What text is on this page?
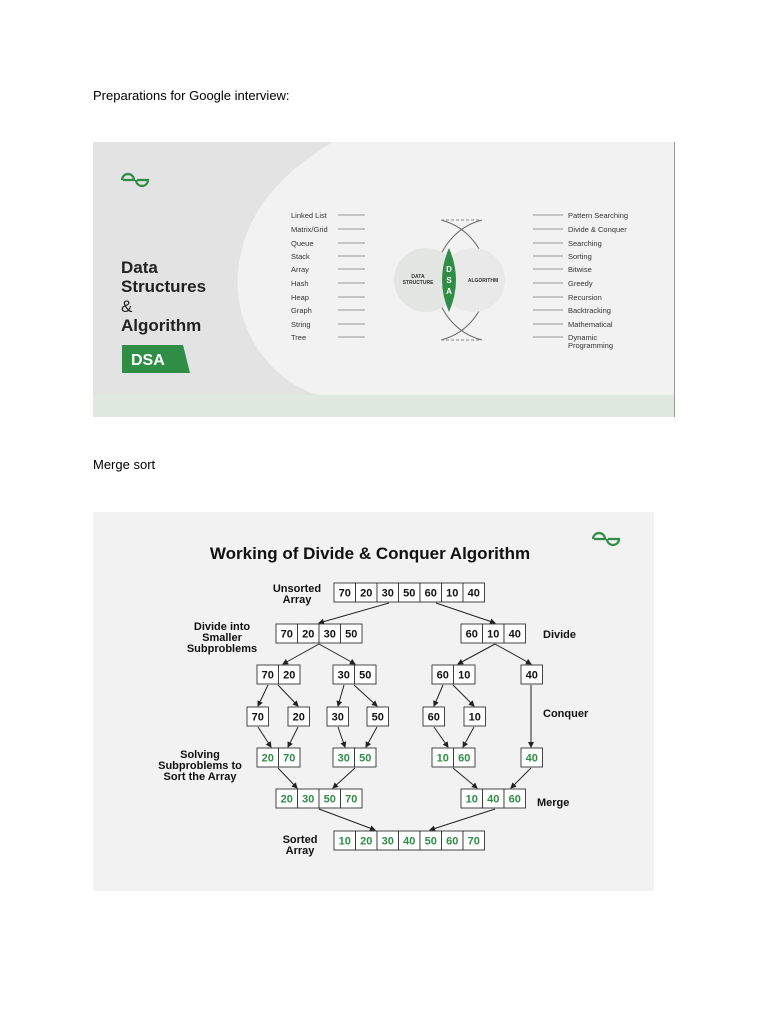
Preparations for Google interview:
Data
Structures
&
Algorithm
DSA
DATA
STRUCTURE
D
S
A
ALGORITHM
Linked List
Matrix/Grid
Queue
Stack
Array
Hash
Heap
Graph
String
Tree
Pattern Searching
Divide & Conquer
Searching
Sorting
Bitwise
Greedy
Recursion
Backtracking
Mathematical
Dynamic
Programming
Merge sort
Working of Divide & Conquer Algorithm
Unsorted
Array
Divide into
Smaller
Subproblems
Divide
Conquer
Solving
Subproblems to
Sort the Array
Merge
Sorted
Array
70 20 30 50 60 10 40
70 20 30 50	60 10 40
70 20	30 50	60 10	40
70	20 30	50	60	10
20 70	30 50	10 60	40
20 30 50 70	10 40 60
10 20 30 40 50 60 70
